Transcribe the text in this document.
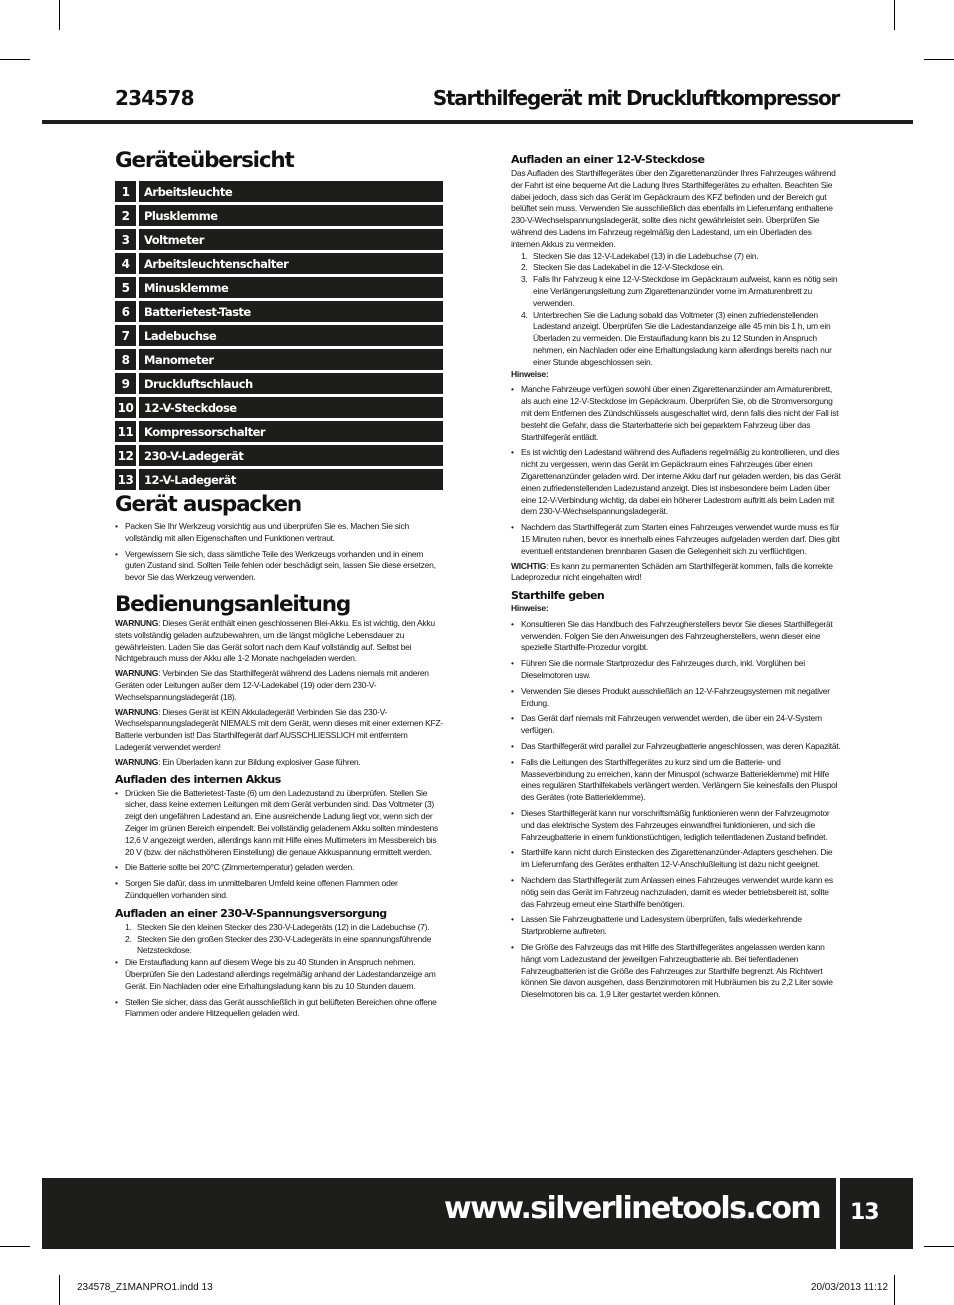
234578	Starthilfegerät mit Druckluftkompressor
Geräteübersicht
1	Arbeitsleuchte
2	Plusklemme
3	Voltmeter
4	Arbeitsleuchtenschalter
5	Minusklemme
6	Batterietest-Taste
7	Ladebuchse
8	Manometer
9	Druckluftschlauch
10 12-V-Steckdose
11 Kompressorschalter
12 230-V-Ladegerät
13 12-V-Ladegerät
Gerät auspacken
• Packen Sie Ihr Werkzeug vorsichtig aus und überprüfen Sie es. Machen Sie sich vollständig mit allen Eigenschaften und Funktionen vertraut.
• Vergewissern Sie sich, dass sämtliche Teile des Werkzeugs vorhanden und in einem guten Zustand sind. Sollten Teile fehlen oder beschädigt sein, lassen Sie diese ersetzen, bevor Sie das Werkzeug verwenden.
Bedienungsanleitung

WARNUNG: Dieses Gerät enthält einen geschlossenen Blei-Akku. Es ist wichtig, den Akku stets vollständig geladen aufzubewahren, um die längst mögliche Lebensdauer zu gewährleisten. Laden Sie das Gerät sofort nach dem Kauf vollständig auf. Selbst bei Nichtgebrauch muss der Akku alle 1-2 Monate nachgeladen werden.

WARNUNG: Verbinden Sie das Starthilfegerät während des Ladens niemals mit anderen Geräten oder Leitungen außer dem 12-V-Ladekabel (19) oder dem 230-V-Wechselspannungsladegerät (18).

WARNUNG: Dieses Gerät ist KEIN Akkuladegerät! Verbinden Sie das 230-V-Wechselspannungsladegerät NIEMALS mit dem Gerät, wenn dieses mit einer externen KFZ-Batterie verbunden ist! Das Starthilfegerät darf AUSSCHLIESSLICH mit entferntem Ladegerät verwendet werden!

WARNUNG: Ein Überladen kann zur Bildung explosiver Gase führen.

Aufladen des internen Akkus
• Drücken Sie die Batterietest-Taste (6) um den Ladezustand zu überprüfen. Stellen Sie sicher, dass keine externen Leitungen mit dem Gerät verbunden sind. Das Voltmeter (3) zeigt den ungefähren Ladestand an. Eine ausreichende Ladung liegt vor, wenn sich der Zeiger im grünen Bereich einpendelt. Bei vollständig geladenem Akku sollten mindestens 12,6 V angezeigt werden, allerdings kann mit Hilfe eines Multimeters im Messbereich bis 20 V (bzw. der nächsthöheren Einstellung) die genaue Akkuspannung ermittelt werden.
• Die Batterie sollte bei 20°C (Zimmertemperatur) geladen werden.
• Sorgen Sie dafür, dass im unmittelbaren Umfeld keine offenen Flammen oder Zündquellen vorhanden sind.
Aufladen an einer 230-V-Spannungsversorgung
1. Stecken Sie den kleinen Stecker des 230-V-Ladegeräts (12) in die Ladebuchse (7).
2. Stecken Sie den großen Stecker des 230-V-Ladegeräts in eine spannungsführende Netzsteckdose.
• Die Erstaufladung kann auf diesem Wege bis zu 40 Stunden in Anspruch nehmen. Überprüfen Sie den Ladestand allerdings regelmäßig anhand der Ladestandanzeige am Gerät. Ein Nachladen oder eine Erhaltungsladung kann bis zu 10 Stunden dauern.
• Stellen Sie sicher, dass das Gerät ausschließlich in gut belüfteten Bereichen ohne offene Flammen oder andere Hitzequellen geladen wird.
Aufladen an einer 12-V-Steckdose

Das Aufladen des Starthilfegerätes über den Zigarettenanzünder Ihres Fahrzeuges während der Fahrt ist eine bequeme Art die Ladung Ihres Starthilfegerätes zu erhalten. Beachten Sie dabei jedoch, dass sich das Gerät im Gepäckraum des KFZ befinden und der Bereich gut belüftet sein muss. Verwenden Sie ausschließlich das ebenfalls im Lieferumfang enthaltene 230-V-Wechselspannungsladegerät, sollte dies nicht gewährleistet sein. Überprüfen Sie während des Ladens im Fahrzeug regelmäßig den Ladestand, um ein Überladen des internen Akkus zu vermeiden.

1. Stecken Sie das 12-V-Ladekabel (13) in die Ladebuchse (7) ein.
2. Stecken Sie das Ladekabel in die 12-V-Steckdose ein.
3. Falls Ihr Fahrzeug k eine 12-V-Steckdose im Gepäckraum aufweist, kann es nötig sein eine Verlängerungsleitung zum Zigarettenanzünder vorne im Armaturenbrett zu verwenden.
4. Unterbrechen Sie die Ladung sobald das Voltmeter (3) einen zufriedenstellenden Ladestand anzeigt. Überprüfen Sie die Ladestandanzeige alle 45 min bis 1 h, um ein Überladen zu vermeiden. Die Erstaufladung kann bis zu 12 Stunden in Anspruch nehmen, ein Nachladen oder eine Erhaltungsladung kann allerdings bereits nach nur einer Stunde abgeschlossen sein.

Hinweise:

• Manche Fahrzeuge verfügen sowohl über einen Zigarettenanzünder am Armaturenbrett, als auch eine 12-V-Steckdose im Gepäckraum. Überprüfen Sie, ob die Stromversorgung mit dem Entfernen des Zündschlüssels ausgeschaltet wird, denn falls dies nicht der Fall ist besteht die Gefahr, dass die Starterbatterie sich bei geparktem Fahrzeug über das Starthilfegerät entlädt.
• Es ist wichtig den Ladestand während des Aufladens regelmäßig zu kontrollieren, und dies nicht zu vergessen, wenn das Gerät im Gepäckraum eines Fahrzeuges über einen Zigarettenanzünder geladen wird. Der interne Akku darf nur geladen werden, bis das Gerät einen zufriedenstellenden Ladezustand anzeigt. Dies ist insbesondere beim Laden über eine 12-V-Verbindung wichtig, da dabei ein höherer Ladestrom auftritt als beim Laden mit dem 230-V-Wechselspannungsladegerät.
• Nachdem das Starthilfegerät zum Starten eines Fahrzeuges verwendet wurde muss es für 15 Minuten ruhen, bevor es innerhalb eines Fahrzeuges aufgeladen werden darf. Dies gibt eventuell entstandenen brennbaren Gasen die Gelegenheit sich zu verflüchtigen.

WICHTIG: Es kann zu permanenten Schäden am Starthilfegerät kommen, falls die korrekte Ladeprozedur nicht eingehalten wird!

Starthilfe geben

Hinweise:

• Konsultieren Sie das Handbuch des Fahrzeugherstellers bevor Sie dieses Starthilfegerät verwenden. Folgen Sie den Anweisungen des Fahrzeugherstellers, wenn dieser eine spezielle Starthilfe-Prozedur vorgibt.
• Führen Sie die normale Startprozedur des Fahrzeuges durch, inkl. Vorglühen bei Dieselmotoren usw.
• Verwenden Sie dieses Produkt ausschließlich an 12-V-Fahrzeugsystemen mit negativer Erdung.
• Das Gerät darf niemals mit Fahrzeugen verwendet werden, die über ein 24-V-System verfügen.
• Das Starthilfegerät wird parallel zur Fahrzeugbatterie angeschlossen, was deren Kapazität.
• Falls die Leitungen des Starthilfegerätes zu kurz sind um die Batterie- und Masseverbindung zu erreichen, kann der Minuspol (schwarze Batterieklemme) mit Hilfe eines regulären Starthilfekabels verlängert werden. Verlängern Sie keinesfalls den Pluspol des Gerätes (rote Batterieklemme).
• Dieses Starthilfegerät kann nur vorschriftsmäßig funktionieren wenn der Fahrzeugmotor und das elektrische System des Fahrzeuges einwandfrei funktionieren, und sich die Fahrzeugbatterie in einem funktionstüchtigen, lediglich teilentladenen Zustand befindet.
• Starthilfe kann nicht durch Einstecken des Zigarettenanzünder-Adapters geschehen. Die im Lieferumfang des Gerätes enthalten 12-V-Anschlußleitung ist dazu nicht geeignet.
• Nachdem das Starthilfegerät zum Anlassen eines Fahrzeuges verwendet wurde kann es nötig sein das Gerät im Fahrzeug nachzuladen, damit es wieder betriebsbereit ist, sollte das Fahrzeug erneut eine Starthilfe benötigen.
• Lassen Sie Fahrzeugbatterie und Ladesystem überprüfen, falls wiederkehrende Startprobleme auftreten.
• Die Größe des Fahrzeugs das mit Hilfe des Starthilfegerätes angelassen werden kann hängt vom Ladezustand der jeweiligen Fahrzeugbatterie ab. Bei tiefentladenen Fahrzeugbatterien ist die Größe des Fahrzeuges zur Starthilfe begrenzt. Als Richtwert können Sie davon ausgehen, dass Benzinmotoren mit Hubräumen bis zu 2,2 Liter sowie Dieselmotoren bis ca. 1,9 Liter gestartet werden können.
www.silverlinetools.com 13
234578_Z1MANPRO1.indd 13	20/03/2013 11:12
